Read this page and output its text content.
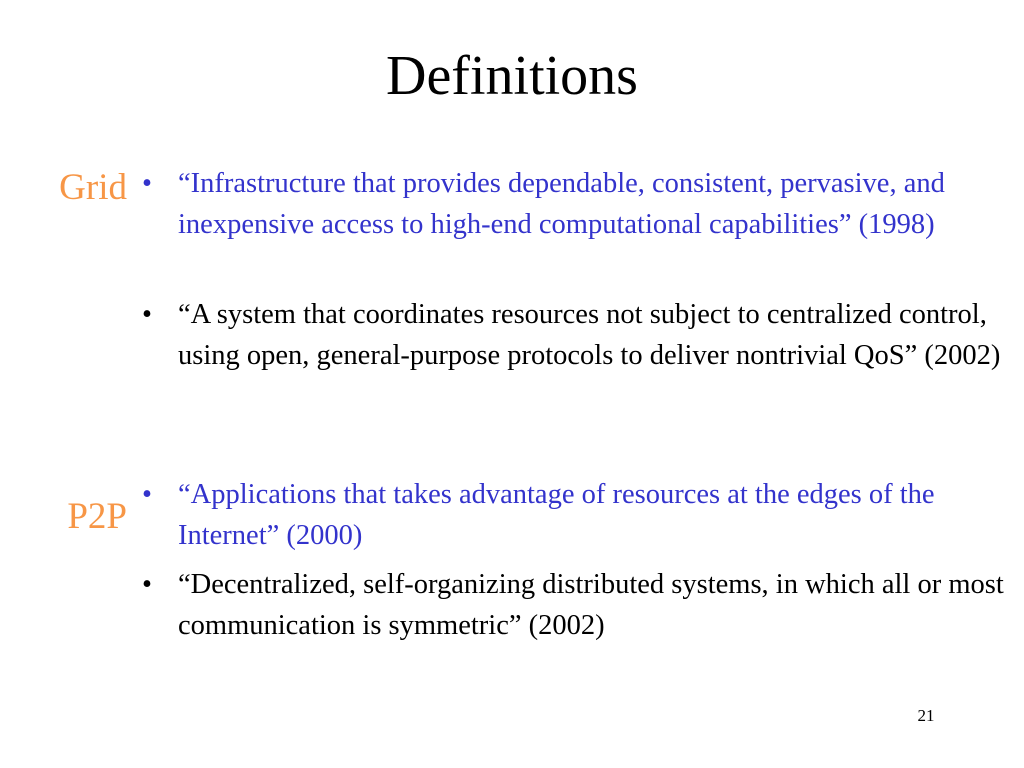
Definitions
Grid • “Infrastructure that provides dependable, consistent, pervasive, and inexpensive access to high-end computational capabilities” (1998)
• “A system that coordinates resources not subject to centralized control, using open, general-purpose protocols to deliver nontrivial QoS” (2002)
P2P
• “Applications that takes advantage of resources at the edges of the Internet” (2000)
• “Decentralized, self-organizing distributed systems, in which all or most communication is symmetric” (2002)
21
